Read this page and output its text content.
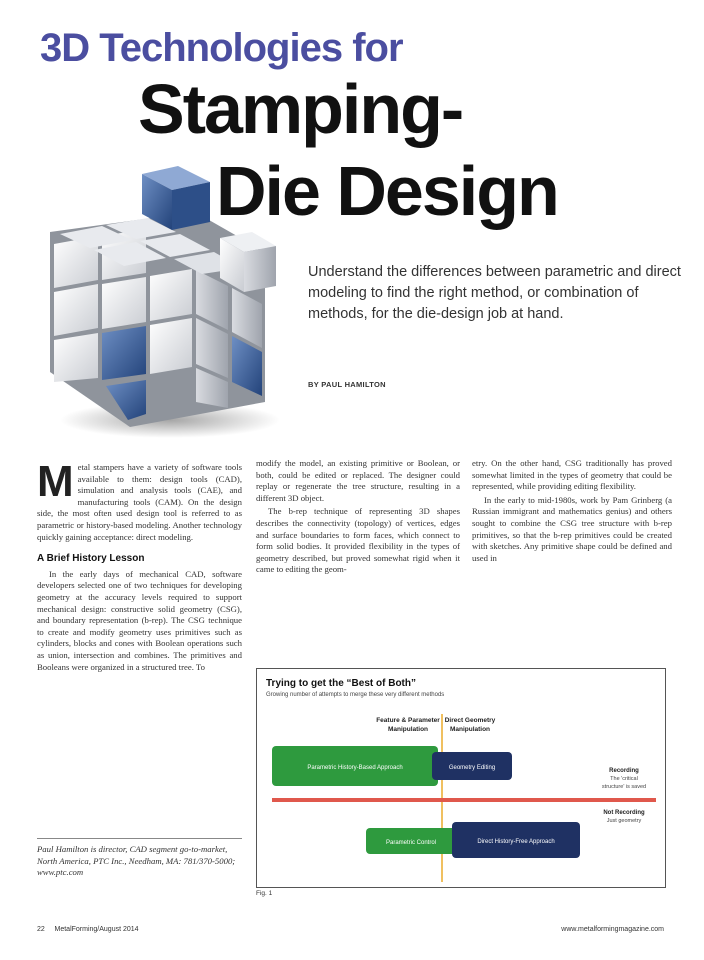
3D Technologies for
Stamping-
Die Design
Understand the differences between parametric and direct modeling to find the right method, or combination of methods, for the die-design job at hand.
BY PAUL HAMILTON

Metal stampers have a variety of software tools available to them: design tools (CAD), simulation and analysis tools (CAE), and manufacturing tools (CAM). On the design side, the most often used design tool is referred to as parametric or history-based modeling. Another technology quickly gaining acceptance: direct modeling.

A Brief History Lesson

In the early days of mechanical CAD, software developers selected one of two techniques for developing geometry at the accuracy levels required to support mechanical design: constructive solid geometry (CSG), and boundary representation (b-rep). The CSG technique to create and modify geometry uses primitives such as cylinders, blocks and cones with Boolean operations such as union, intersection and combines. The primitives and Booleans were organized in a structured tree. To

Paul Hamilton is director, CAD segment go-to-market, North America, PTC Inc., Needham, MA: 781/370-5000; www.ptc.com

modify the model, an existing primitive or Boolean, or both, could be edited or replaced. The designer could replay or regenerate the tree structure, resulting in a different 3D object.

The b-rep technique of representing 3D shapes describes the connectivity (topology) of vertices, edges and surface boundaries to form faces, which connect to form solid bodies. It provided flexibility in the types of geometry described, but proved somewhat rigid when it came to editing the geom-

etry. On the other hand, CSG traditionally has proved somewhat limited in the types of geometry that could be represented, while providing editing flexibility.

In the early to mid-1980s, work by Pam Grinberg (a Russian immigrant and mathematics genius) and others sought to combine the CSG tree structure with b-rep primitives, so that the b-rep primitives could be created with sketches. Any primitive shape could be defined and used in

Trying to get the “Best of Both”
Growing number of attempts to merge these very different methods
Feature & Parameter
Manipulation
Direct Geometry
Manipulation
Parametric History-Based Approach	Geometry Editing
Parametric Control	Direct History-Free Approach
Recording
The 'critical
structure' is saved
Not Recording
Just geometry
Fig. 1
22     MetalForming/August 2014	www.metalformingmagazine.com
